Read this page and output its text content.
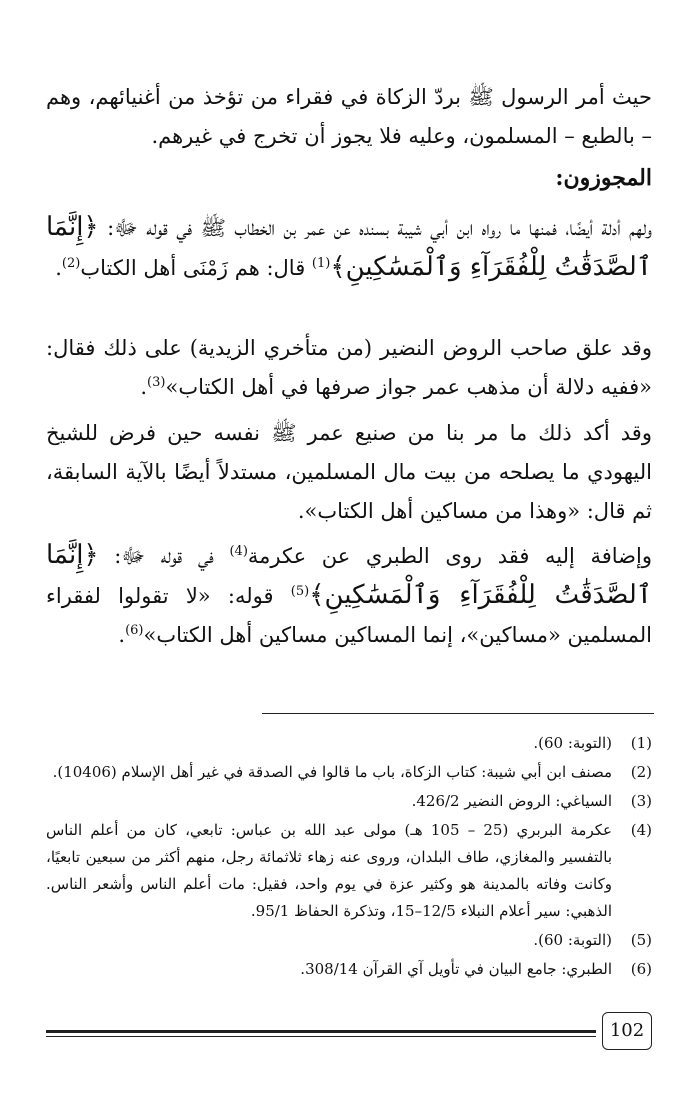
حيث أمر الرسول ﷺ بردّ الزكاة في فقراء من تؤخذ من أغنيائهم، وهم – بالطبع – المسلمون، وعليه فلا يجوز أن تخرج في غيرهم.

المجوزون:

ولهم أدلة أيضًا، فمنها ما رواه ابن أبي شيبة بسنده عن عمر بن الخطاب ﷺ في قوله ﷻ: ﴿إِنَّمَا ٱلصَّدَقَٰتُ لِلْفُقَرَآءِ وَٱلْمَسَٰكِينِ﴾$^{(1)}$ قال: هم زَمْنَى أهل الكتاب$^{(2)}$.

وقد علق صاحب الروض النضير (من متأخري الزيدية) على ذلك فقال: «ففيه دلالة أن مذهب عمر جواز صرفها في أهل الكتاب»$^{(3)}$.

وقد أكد ذلك ما مر بنا من صنيع عمر ﷺ نفسه حين فرض للشيخ اليهودي ما يصلحه من بيت مال المسلمين، مستدلاً أيضًا بالآية السابقة، ثم قال: «وهذا من مساكين أهل الكتاب».

وإضافة إليه فقد روى الطبري عن عكرمة$^{(4)}$ في قوله ﷻ: ﴿إِنَّمَا ٱلصَّدَقَٰتُ لِلْفُقَرَآءِ وَٱلْمَسَٰكِينِ﴾$^{(5)}$ قوله: «لا تقولوا لفقراء المسلمين «مساكين»، إنما المساكين مساكين أهل الكتاب»$^{(6)}$.

(1)
(التوبة: 60).
(2)
مصنف ابن أبي شيبة: كتاب الزكاة، باب ما قالوا في الصدقة في غير أهل الإسلام (10406).
(3)
السياغي: الروض النضير 426/2.
(4)
عكرمة البربري (25 – 105 هـ) مولى عبد الله بن عباس: تابعي، كان من أعلم الناس بالتفسير والمغازي، طاف البلدان، وروى عنه زهاء ثلاثمائة رجل، منهم أكثر من سبعين تابعيًا، وكانت وفاته بالمدينة هو وكثير عزة في يوم واحد، فقيل: مات أعلم الناس وأشعر الناس. الذهبي: سير أعلام النبلاء 12/5–15، وتذكرة الحفاظ 95/1.
(5)
(التوبة: 60).
(6)
الطبري: جامع البيان في تأويل آي القرآن 308/14.
102
